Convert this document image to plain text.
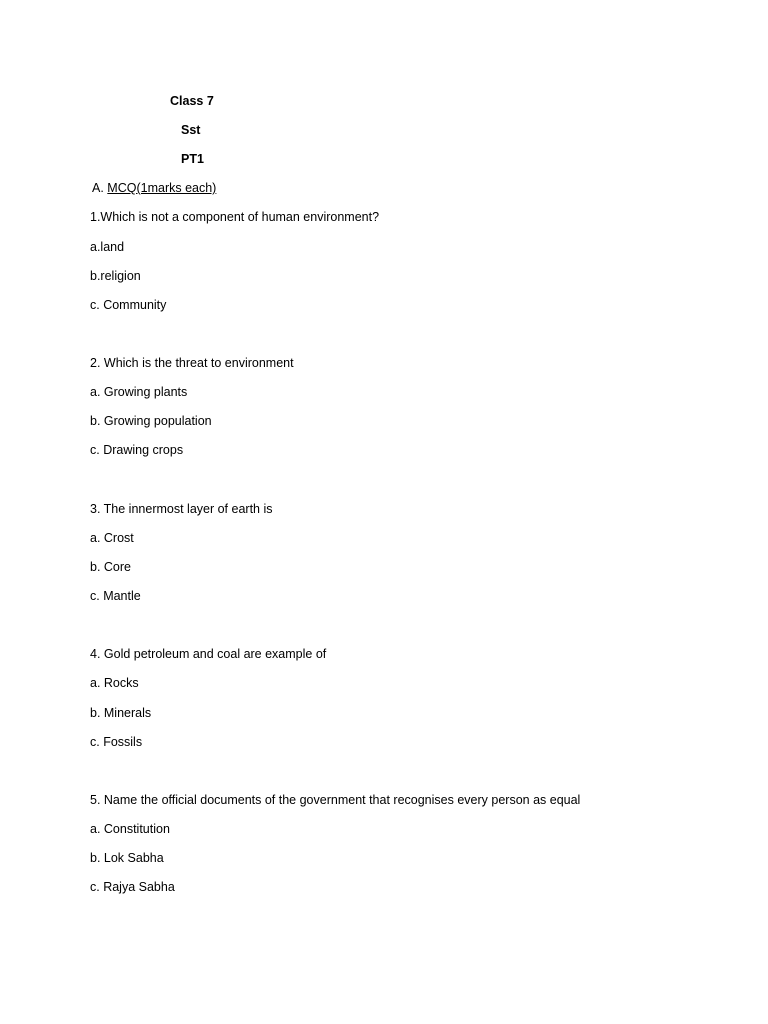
Class 7
Sst
PT1
A. MCQ(1marks each)
1.Which is not a component of human environment?
a.land
b.religion
c. Community
2. Which is the threat to environment
a. Growing plants
b. Growing population
c. Drawing crops
3. The innermost layer of earth is
a. Crost
b. Core
c. Mantle
4. Gold petroleum and coal are example of
a. Rocks
b. Minerals
c. Fossils
5. Name the official documents of the government that recognises every person as equal
a. Constitution
b. Lok Sabha
c. Rajya Sabha
